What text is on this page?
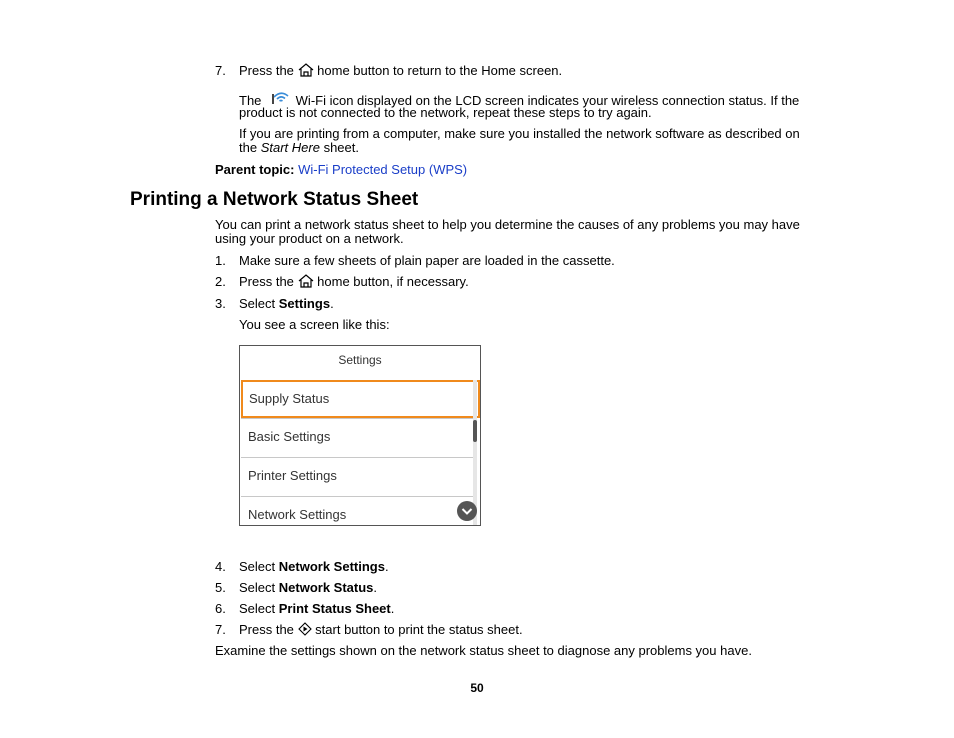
7. Press the home button to return to the Home screen.
The	Wi-Fi icon displayed on the LCD screen indicates your wireless connection status. If the
product is not connected to the network, repeat these steps to try again.
If you are printing from a computer, make sure you installed the network software as described on
the Start Here sheet.
Parent topic: Wi-Fi Protected Setup (WPS)
Printing a Network Status Sheet
You can print a network status sheet to help you determine the causes of any problems you may have
using your product on a network.
1. Make sure a few sheets of plain paper are loaded in the cassette.
2. Press the home button, if necessary.
3. Select Settings.
You see a screen like this:
Settings
Supply Status
Basic Settings
Printer Settings
Network Settings
4. Select Network Settings.
5. Select Network Status.
6. Select Print Status Sheet.
7. Press the start button to print the status sheet.
Examine the settings shown on the network status sheet to diagnose any problems you have.
50
